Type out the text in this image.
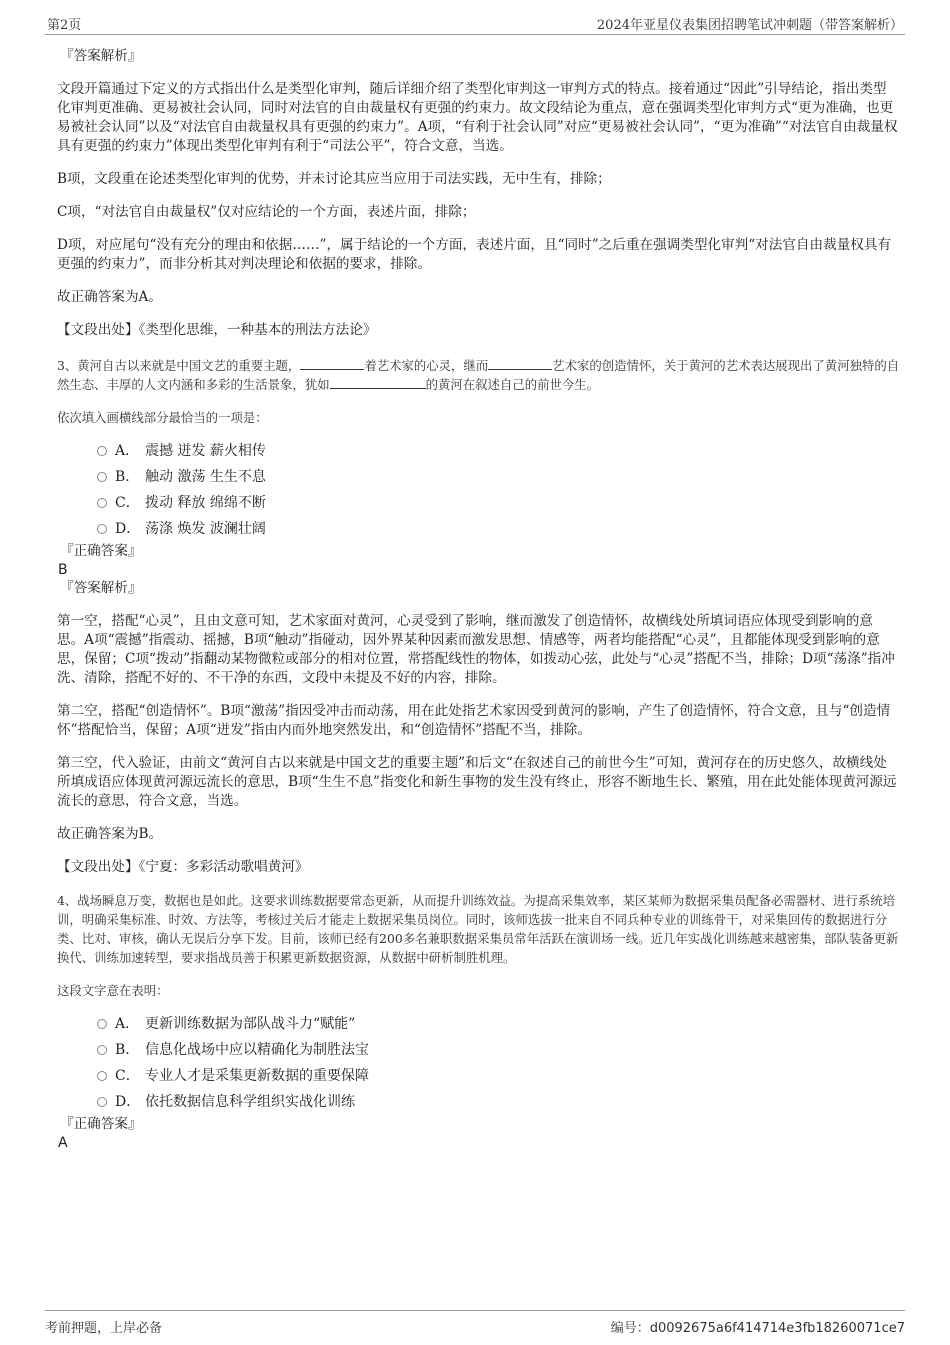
第2页	2024年亚星仪表集团招聘笔试冲刺题（带答案解析）

『答案解析』

文段开篇通过下定义的方式指出什么是类型化审判，随后详细介绍了类型化审判这一审判方式的特点。接着通过“因此”引导结论，指出类型化审判更准确、更易被社会认同，同时对法官的自由裁量权有更强的约束力。故文段结论为重点，意在强调类型化审判方式“更为准确，也更易被社会认同”以及“对法官自由裁量权具有更强的约束力”。A项，“有利于社会认同”对应“更易被社会认同”，“更为准确”“对法官自由裁量权具有更强的约束力”体现出类型化审判有利于“司法公平”，符合文意，当选。

B项，文段重在论述类型化审判的优势，并未讨论其应当应用于司法实践，无中生有，排除；

C项，“对法官自由裁量权”仅对应结论的一个方面，表述片面，排除；

D项，对应尾句“没有充分的理由和依据……”，属于结论的一个方面，表述片面，且“同时”之后重在强调类型化审判“对法官自由裁量权具有更强的约束力”，而非分析其对判决理论和依据的要求，排除。

故正确答案为A。

【文段出处】《类型化思维，一种基本的刑法方法论》

3、黄河自古以来就是中国文艺的重要主题，	着艺术家的心灵，继而	艺术家的创造情怀，关于黄河的艺术表达展现出了黄河独特的自然生态、丰厚的人文内涵和多彩的生活景象，犹如	的黄河在叙述自己的前世今生。

依次填入画横线部分最恰当的一项是：

A． 震撼 迸发 薪火相传
B． 触动 激荡 生生不息
C． 拨动 释放 绵绵不断
D． 荡涤 焕发 波澜壮阔

『正确答案』

B

『答案解析』

第一空，搭配“心灵”，且由文意可知，艺术家面对黄河，心灵受到了影响，继而激发了创造情怀，故横线处所填词语应体现受到影响的意思。A项“震撼”指震动、摇撼，B项“触动”指碰动，因外界某种因素而激发思想、情感等，两者均能搭配“心灵”，且都能体现受到影响的意思，保留；C项“拨动”指翻动某物微粒或部分的相对位置，常搭配线性的物体，如拨动心弦，此处与“心灵”搭配不当，排除；D项“荡涤”指冲洗、清除，搭配不好的、不干净的东西，文段中未提及不好的内容，排除。

第二空，搭配“创造情怀”。B项“激荡”指因受冲击而动荡，用在此处指艺术家因受到黄河的影响，产生了创造情怀，符合文意，且与“创造情怀”搭配恰当，保留；A项“迸发”指由内而外地突然发出，和“创造情怀”搭配不当，排除。

第三空，代入验证，由前文“黄河自古以来就是中国文艺的重要主题”和后文“在叙述自己的前世今生”可知，黄河存在的历史悠久，故横线处所填成语应体现黄河源远流长的意思，B项“生生不息”指变化和新生事物的发生没有终止，形容不断地生长、繁殖，用在此处能体现黄河源远流长的意思，符合文意，当选。

故正确答案为B。

【文段出处】《宁夏：多彩活动歌唱黄河》

4、战场瞬息万变，数据也是如此。这要求训练数据要常态更新，从而提升训练效益。为提高采集效率，某区某师为数据采集员配备必需器材、进行系统培训，明确采集标准、时效、方法等，考核过关后才能走上数据采集员岗位。同时，该师选拔一批来自不同兵种专业的训练骨干，对采集回传的数据进行分类、比对、审核，确认无误后分享下发。目前，该师已经有200多名兼职数据采集员常年活跃在演训场一线。近几年实战化训练越来越密集，部队装备更新换代、训练加速转型，要求指战员善于积累更新数据资源，从数据中研析制胜机理。

这段文字意在表明：

A． 更新训练数据为部队战斗力“赋能”
B． 信息化战场中应以精确化为制胜法宝
C． 专业人才是采集更新数据的重要保障
D． 依托数据信息科学组织实战化训练

『正确答案』

A

考前押题，上岸必备	编号：d0092675a6f414714e3fb18260071ce7
